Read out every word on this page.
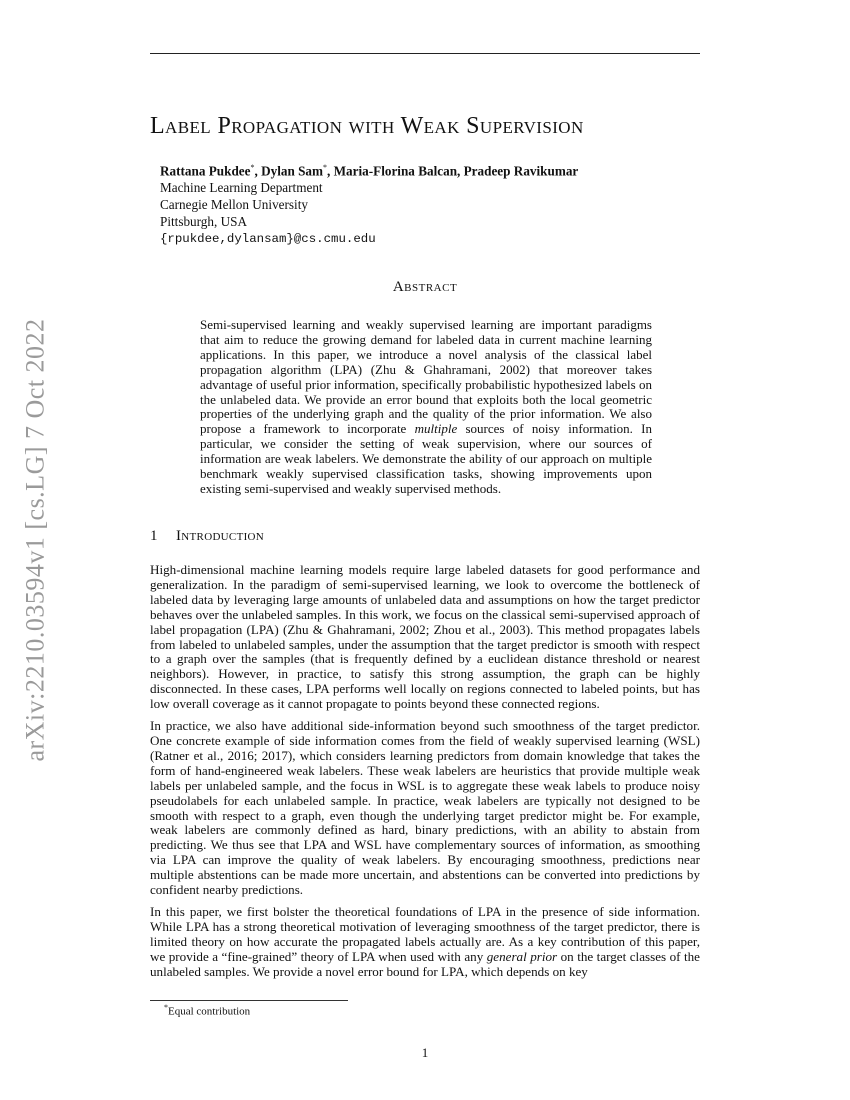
arXiv:2210.03594v1 [cs.LG] 7 Oct 2022
Label Propagation with Weak Supervision
Rattana Pukdee*, Dylan Sam*, Maria-Florina Balcan, Pradeep Ravikumar
Machine Learning Department
Carnegie Mellon University
Pittsburgh, USA
{rpukdee,dylansam}@cs.cmu.edu
Abstract
Semi-supervised learning and weakly supervised learning are important paradigms that aim to reduce the growing demand for labeled data in current machine learning applications. In this paper, we introduce a novel analysis of the classical label propagation algorithm (LPA) (Zhu & Ghahramani, 2002) that moreover takes advantage of useful prior information, specifically probabilistic hypothesized labels on the unlabeled data. We provide an error bound that exploits both the local geometric properties of the underlying graph and the quality of the prior information. We also propose a framework to incorporate multiple sources of noisy information. In particular, we consider the setting of weak supervision, where our sources of information are weak labelers. We demonstrate the ability of our approach on multiple benchmark weakly supervised classification tasks, showing improvements upon existing semi-supervised and weakly supervised methods.
1 Introduction

High-dimensional machine learning models require large labeled datasets for good performance and generalization. In the paradigm of semi-supervised learning, we look to overcome the bottleneck of labeled data by leveraging large amounts of unlabeled data and assumptions on how the target predictor behaves over the unlabeled samples. In this work, we focus on the classical semi-supervised approach of label propagation (LPA) (Zhu & Ghahramani, 2002; Zhou et al., 2003). This method propagates labels from labeled to unlabeled samples, under the assumption that the target predictor is smooth with respect to a graph over the samples (that is frequently defined by a euclidean distance threshold or nearest neighbors). However, in practice, to satisfy this strong assumption, the graph can be highly disconnected. In these cases, LPA performs well locally on regions connected to labeled points, but has low overall coverage as it cannot propagate to points beyond these connected regions.

In practice, we also have additional side-information beyond such smoothness of the target predictor. One concrete example of side information comes from the field of weakly supervised learning (WSL) (Ratner et al., 2016; 2017), which considers learning predictors from domain knowledge that takes the form of hand-engineered weak labelers. These weak labelers are heuristics that provide multiple weak labels per unlabeled sample, and the focus in WSL is to aggregate these weak labels to produce noisy pseudolabels for each unlabeled sample. In practice, weak labelers are typically not designed to be smooth with respect to a graph, even though the underlying target predictor might be. For example, weak labelers are commonly defined as hard, binary predictions, with an ability to abstain from predicting. We thus see that LPA and WSL have complementary sources of information, as smoothing via LPA can improve the quality of weak labelers. By encouraging smoothness, predictions near multiple abstentions can be made more uncertain, and abstentions can be converted into predictions by confident nearby predictions.

In this paper, we first bolster the theoretical foundations of LPA in the presence of side information. While LPA has a strong theoretical motivation of leveraging smoothness of the target predictor, there is limited theory on how accurate the propagated labels actually are. As a key contribution of this paper, we provide a “fine-grained” theory of LPA when used with any general prior on the target classes of the unlabeled samples. We provide a novel error bound for LPA, which depends on key

*Equal contribution
1
